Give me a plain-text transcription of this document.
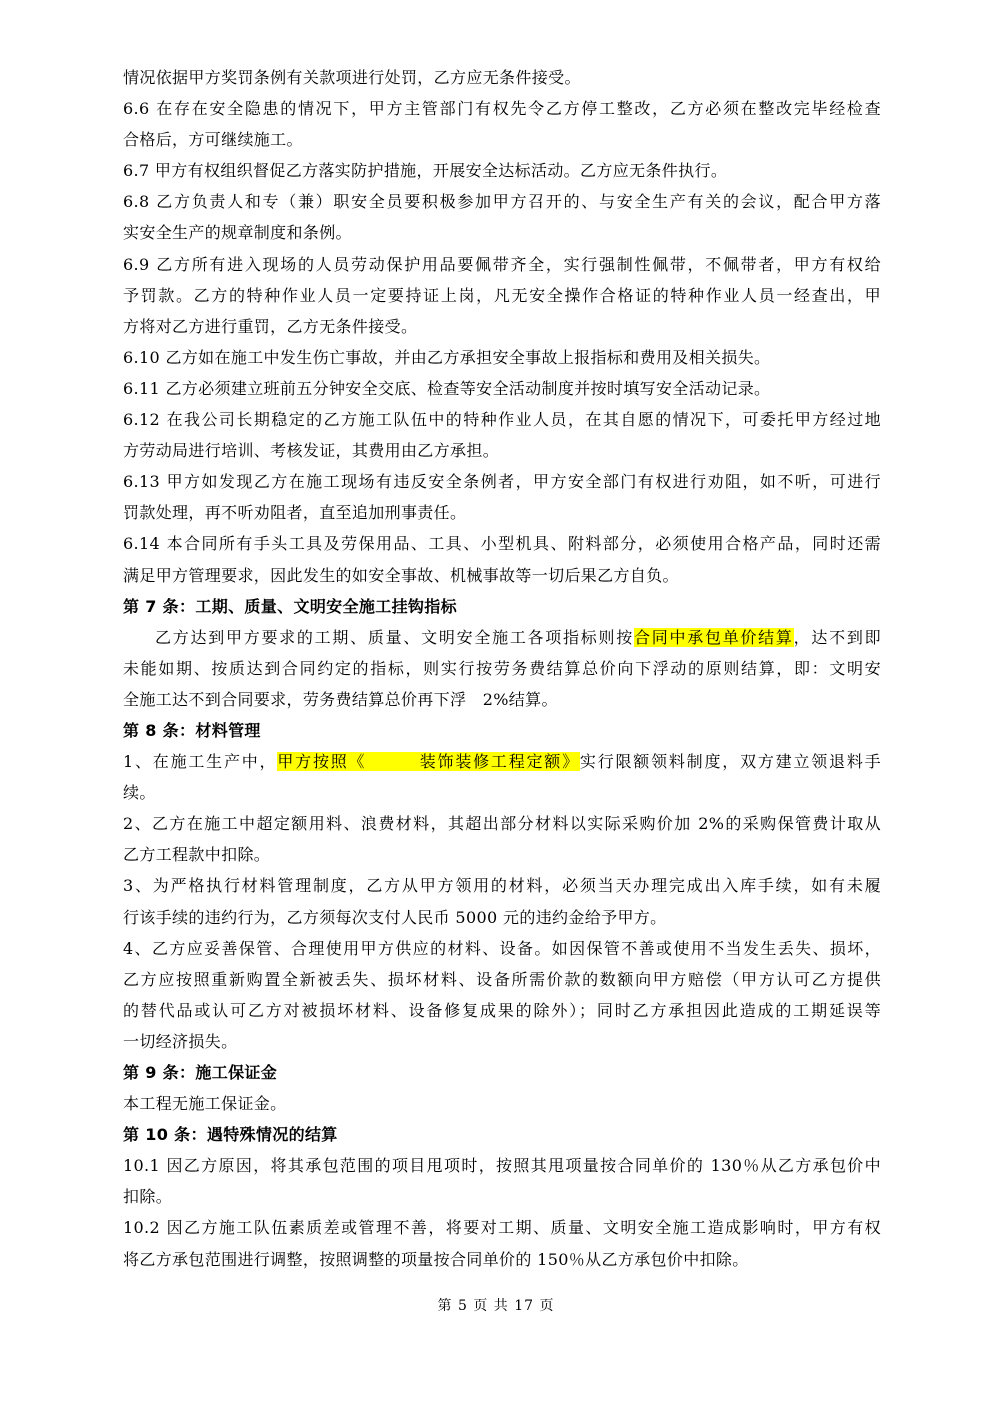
情况依据甲方奖罚条例有关款项进行处罚，乙方应无条件接受。
6.6 在存在安全隐患的情况下，甲方主管部门有权先令乙方停工整改，乙方必须在整改完毕经检查
合格后，方可继续施工。
6.7 甲方有权组织督促乙方落实防护措施，开展安全达标活动。乙方应无条件执行。
6.8 乙方负责人和专（兼）职安全员要积极参加甲方召开的、与安全生产有关的会议，配合甲方落
实安全生产的规章制度和条例。
6.9 乙方所有进入现场的人员劳动保护用品要佩带齐全，实行强制性佩带，不佩带者，甲方有权给
予罚款。乙方的特种作业人员一定要持证上岗，凡无安全操作合格证的特种作业人员一经查出，甲
方将对乙方进行重罚，乙方无条件接受。
6.10 乙方如在施工中发生伤亡事故，并由乙方承担安全事故上报指标和费用及相关损失。
6.11 乙方必须建立班前五分钟安全交底、检查等安全活动制度并按时填写安全活动记录。
6.12 在我公司长期稳定的乙方施工队伍中的特种作业人员，在其自愿的情况下，可委托甲方经过地
方劳动局进行培训、考核发证，其费用由乙方承担。
6.13 甲方如发现乙方在施工现场有违反安全条例者，甲方安全部门有权进行劝阻，如不听，可进行
罚款处理，再不听劝阻者，直至追加刑事责任。
6.14 本合同所有手头工具及劳保用品、工具、小型机具、附料部分，必须使用合格产品，同时还需
满足甲方管理要求，因此发生的如安全事故、机械事故等一切后果乙方自负。
第 7 条：工期、质量、文明安全施工挂钩指标
乙方达到甲方要求的工期、质量、文明安全施工各项指标则按合同中承包单价结算，达不到即
未能如期、按质达到合同约定的指标，则实行按劳务费结算总价向下浮动的原则结算，即：文明安
全施工达不到合同要求，劳务费结算总价再下浮　2%结算。
第 8 条：材料管理
1、在施工生产中，甲方按照《　　　装饰装修工程定额》实行限额领料制度，双方建立领退料手
续。
2、乙方在施工中超定额用料、浪费材料，其超出部分材料以实际采购价加 2%的采购保管费计取从
乙方工程款中扣除。
3、为严格执行材料管理制度，乙方从甲方领用的材料，必须当天办理完成出入库手续，如有未履
行该手续的违约行为，乙方须每次支付人民币 5000 元的违约金给予甲方。
4、乙方应妥善保管、合理使用甲方供应的材料、设备。如因保管不善或使用不当发生丢失、损坏，
乙方应按照重新购置全新被丢失、损坏材料、设备所需价款的数额向甲方赔偿（甲方认可乙方提供
的替代品或认可乙方对被损坏材料、设备修复成果的除外）；同时乙方承担因此造成的工期延误等
一切经济损失。
第 9 条：施工保证金
本工程无施工保证金。
第 10 条：遇特殊情况的结算
10.1 因乙方原因，将其承包范围的项目甩项时，按照其甩项量按合同单价的 130％从乙方承包价中
扣除。
10.2 因乙方施工队伍素质差或管理不善，将要对工期、质量、文明安全施工造成影响时，甲方有权
将乙方承包范围进行调整，按照调整的项量按合同单价的 150％从乙方承包价中扣除。
第 5 页 共 17 页
